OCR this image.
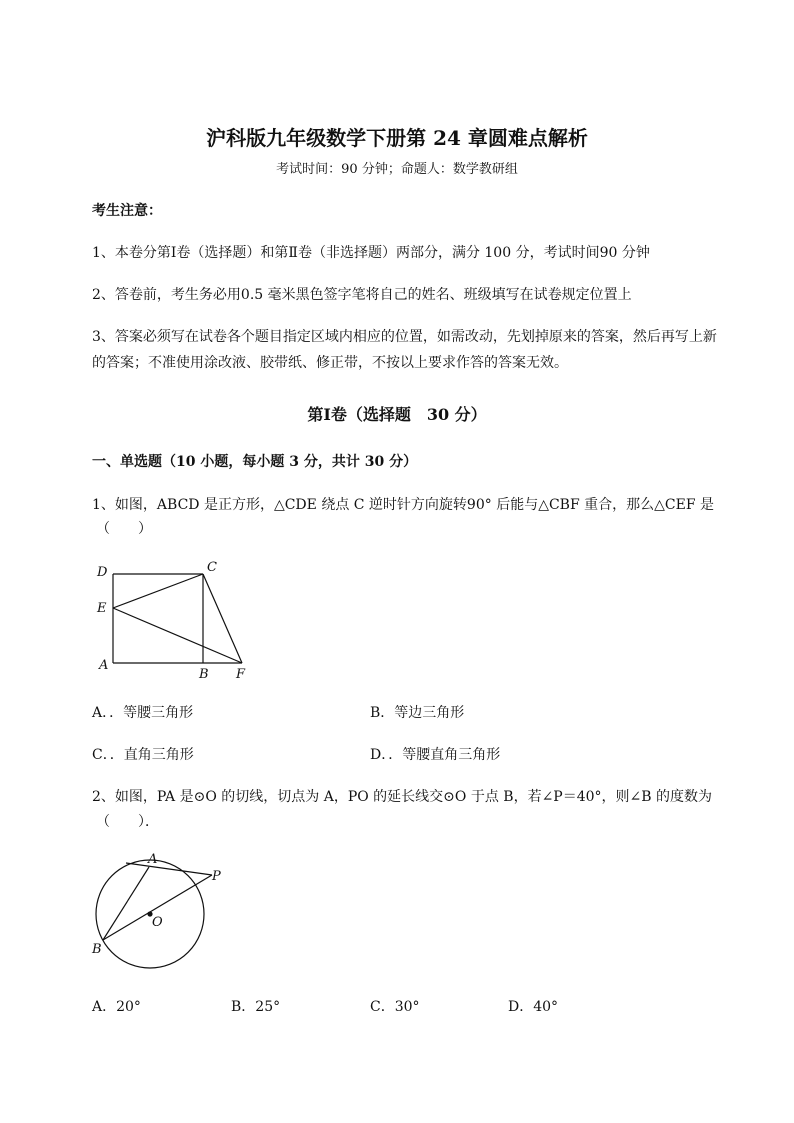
沪科版九年级数学下册第 24 章圆难点解析
考试时间：90 分钟；命题人：数学教研组
考生注意：
1、本卷分第Ⅰ卷（选择题）和第Ⅱ卷（非选择题）两部分，满分 100 分，考试时间90 分钟
2、答卷前，考生务必用0.5 毫米黑色签字笔将自己的姓名、班级填写在试卷规定位置上
3、答案必须写在试卷各个题目指定区域内相应的位置，如需改动，先划掉原来的答案，然后再写上新
的答案；不准使用涂改液、胶带纸、修正带，不按以上要求作答的答案无效。
第Ⅰ卷（选择题　30 分）
一、单选题（10 小题，每小题 3 分，共计 30 分）
1、如图，ABCD 是正方形，△CDE 绕点 C 逆时针方向旋转90° 后能与△CBF 重合，那么△CEF 是
（　　）
D	C
E
A
B F
A．．等腰三角形	B．等边三角形
C．．直角三角形	D．．等腰直角三角形
2、如图，PA 是⊙O 的切线，切点为 A，PO 的延长线交⊙O 于点 B，若∠P＝40°，则∠B 的度数为
（　　）．
A
P
O
B
A．20°	B．25°	C．30°	D．40°
